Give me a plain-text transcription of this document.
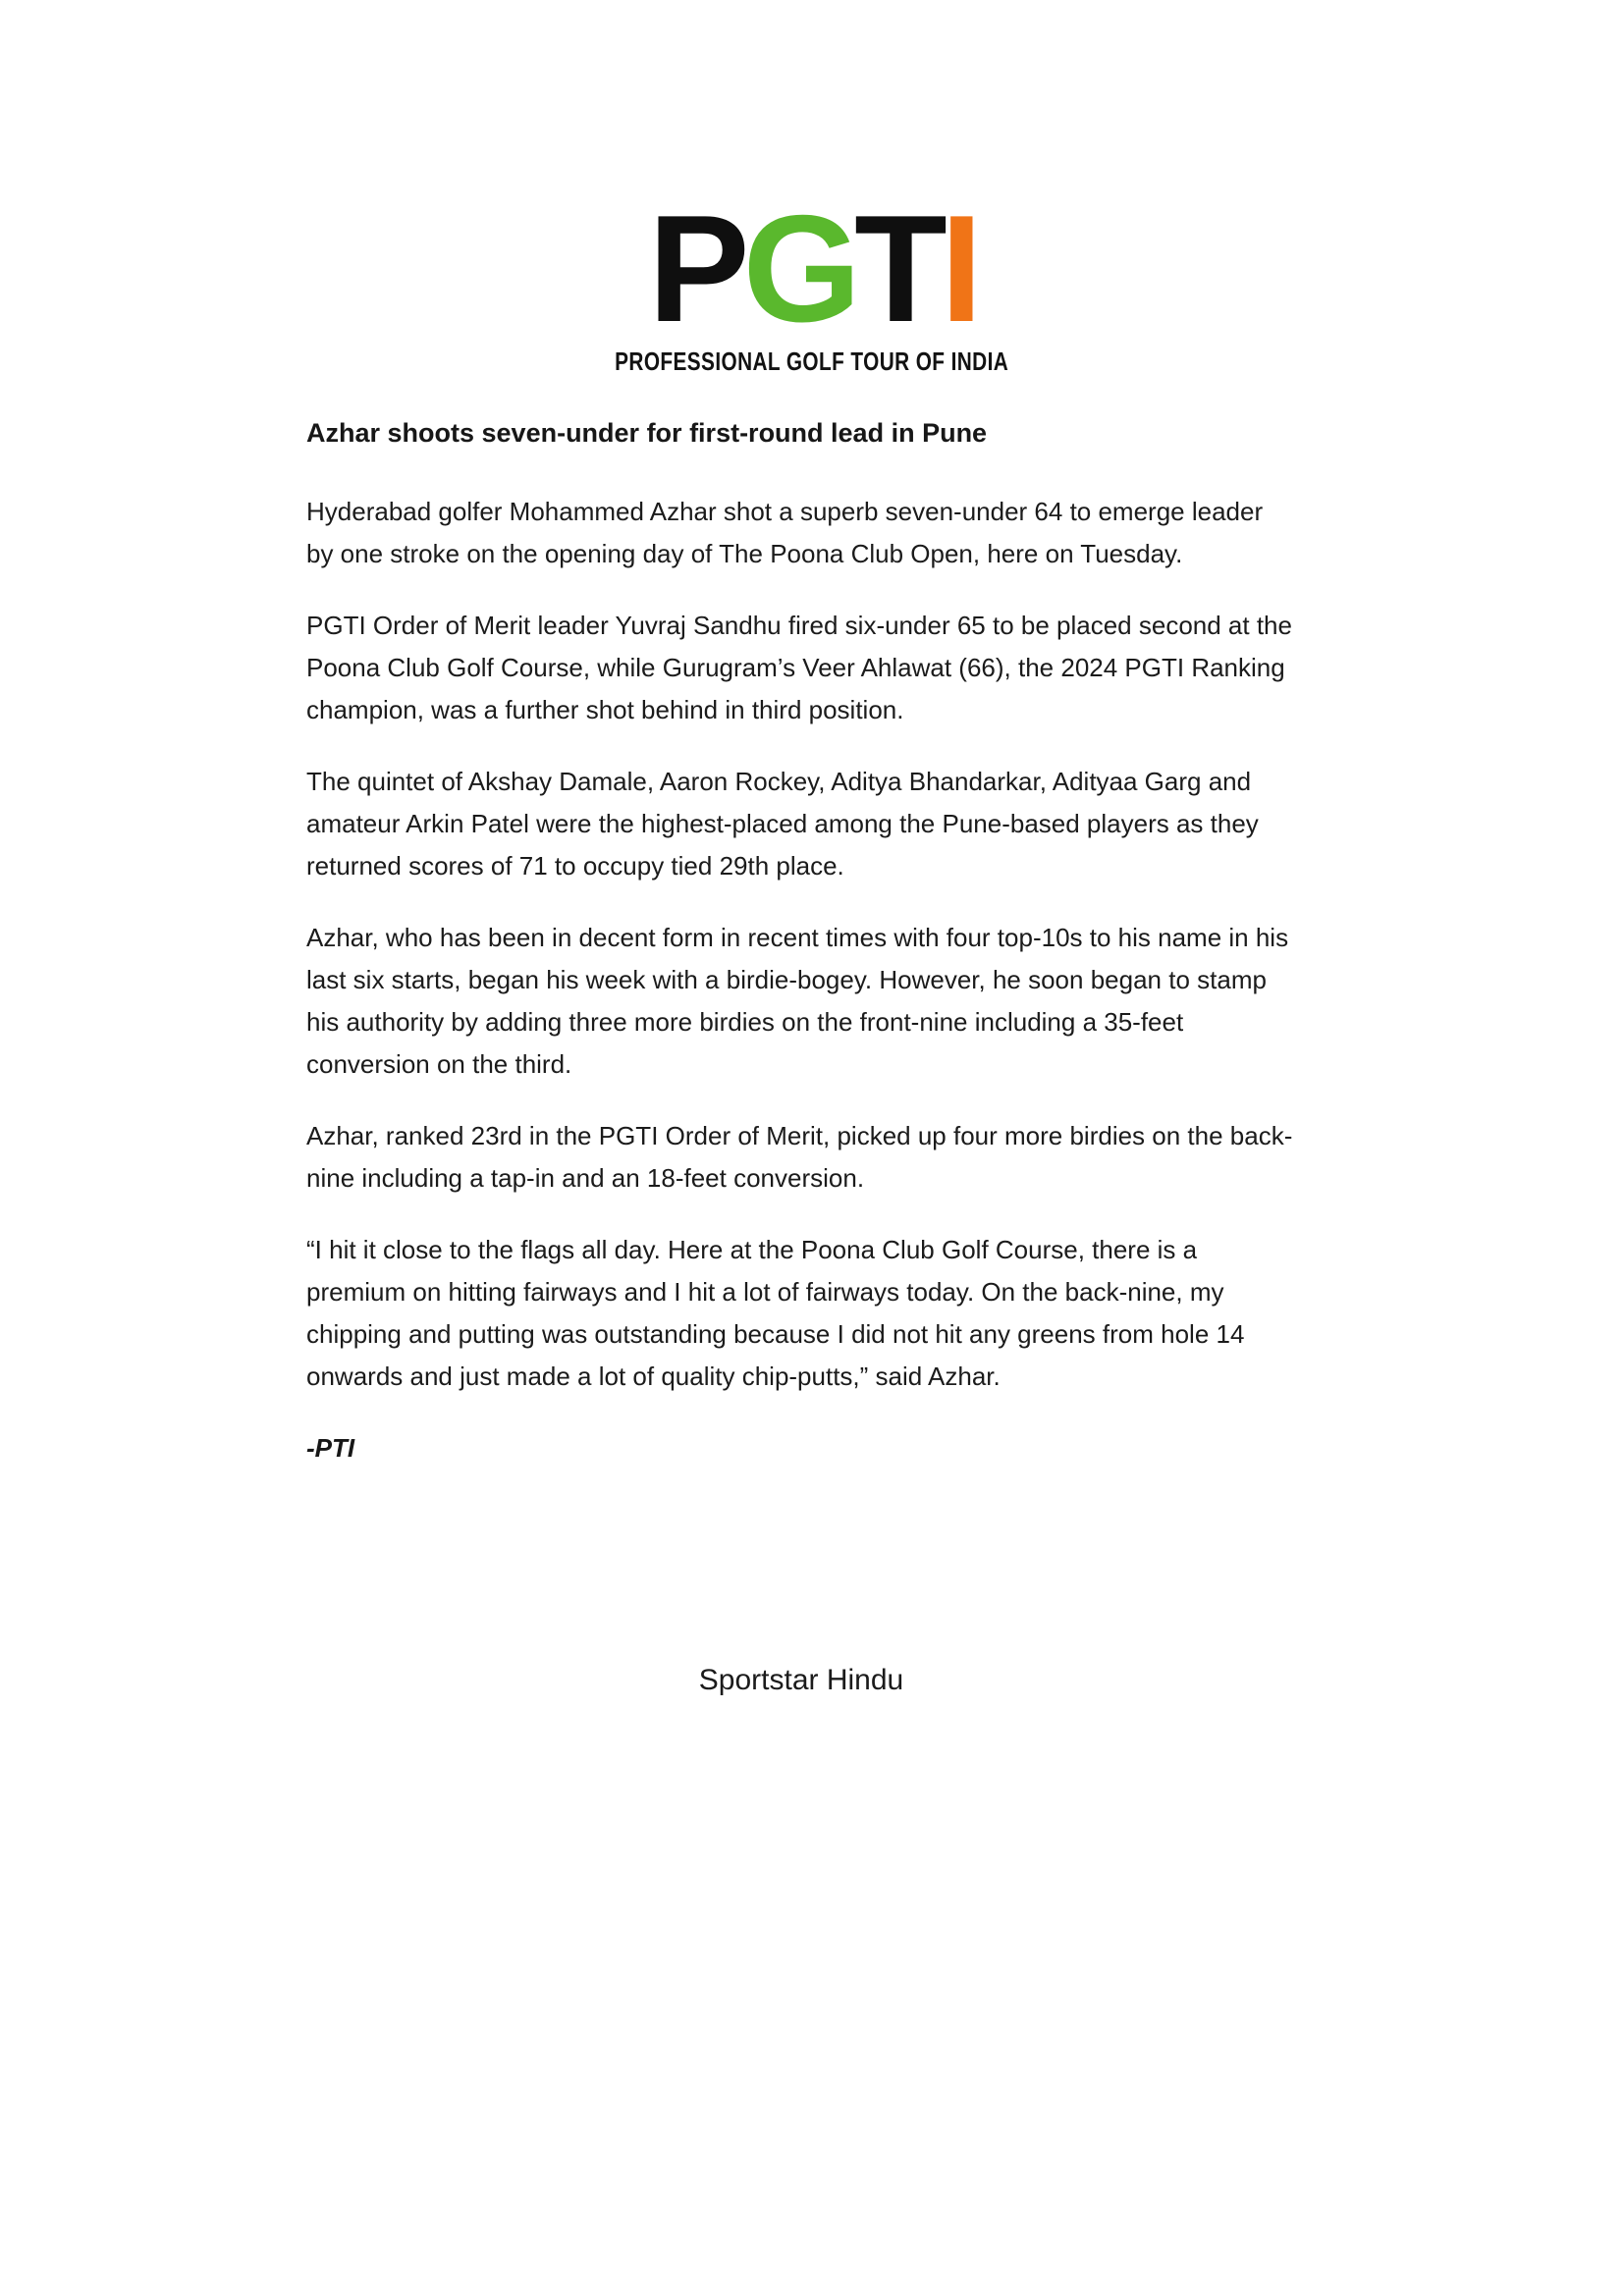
PGTI
PROFESSIONAL GOLF TOUR OF INDIA
Azhar shoots seven-under for first-round lead in Pune

Hyderabad golfer Mohammed Azhar shot a superb seven-under 64 to emerge leader by one stroke on the opening day of The Poona Club Open, here on Tuesday.

PGTI Order of Merit leader Yuvraj Sandhu fired six-under 65 to be placed second at the Poona Club Golf Course, while Gurugram’s Veer Ahlawat (66), the 2024 PGTI Ranking champion, was a further shot behind in third position.

The quintet of Akshay Damale, Aaron Rockey, Aditya Bhandarkar, Adityaa Garg and amateur Arkin Patel were the highest-placed among the Pune-based players as they returned scores of 71 to occupy tied 29th place.

Azhar, who has been in decent form in recent times with four top-10s to his name in his last six starts, began his week with a birdie-bogey. However, he soon began to stamp his authority by adding three more birdies on the front-nine including a 35-feet conversion on the third.

Azhar, ranked 23rd in the PGTI Order of Merit, picked up four more birdies on the back-nine including a tap-in and an 18-feet conversion.

“I hit it close to the flags all day. Here at the Poona Club Golf Course, there is a premium on hitting fairways and I hit a lot of fairways today. On the back-nine, my chipping and putting was outstanding because I did not hit any greens from hole 14 onwards and just made a lot of quality chip-putts,” said Azhar.

-PTI

Sportstar Hindu
